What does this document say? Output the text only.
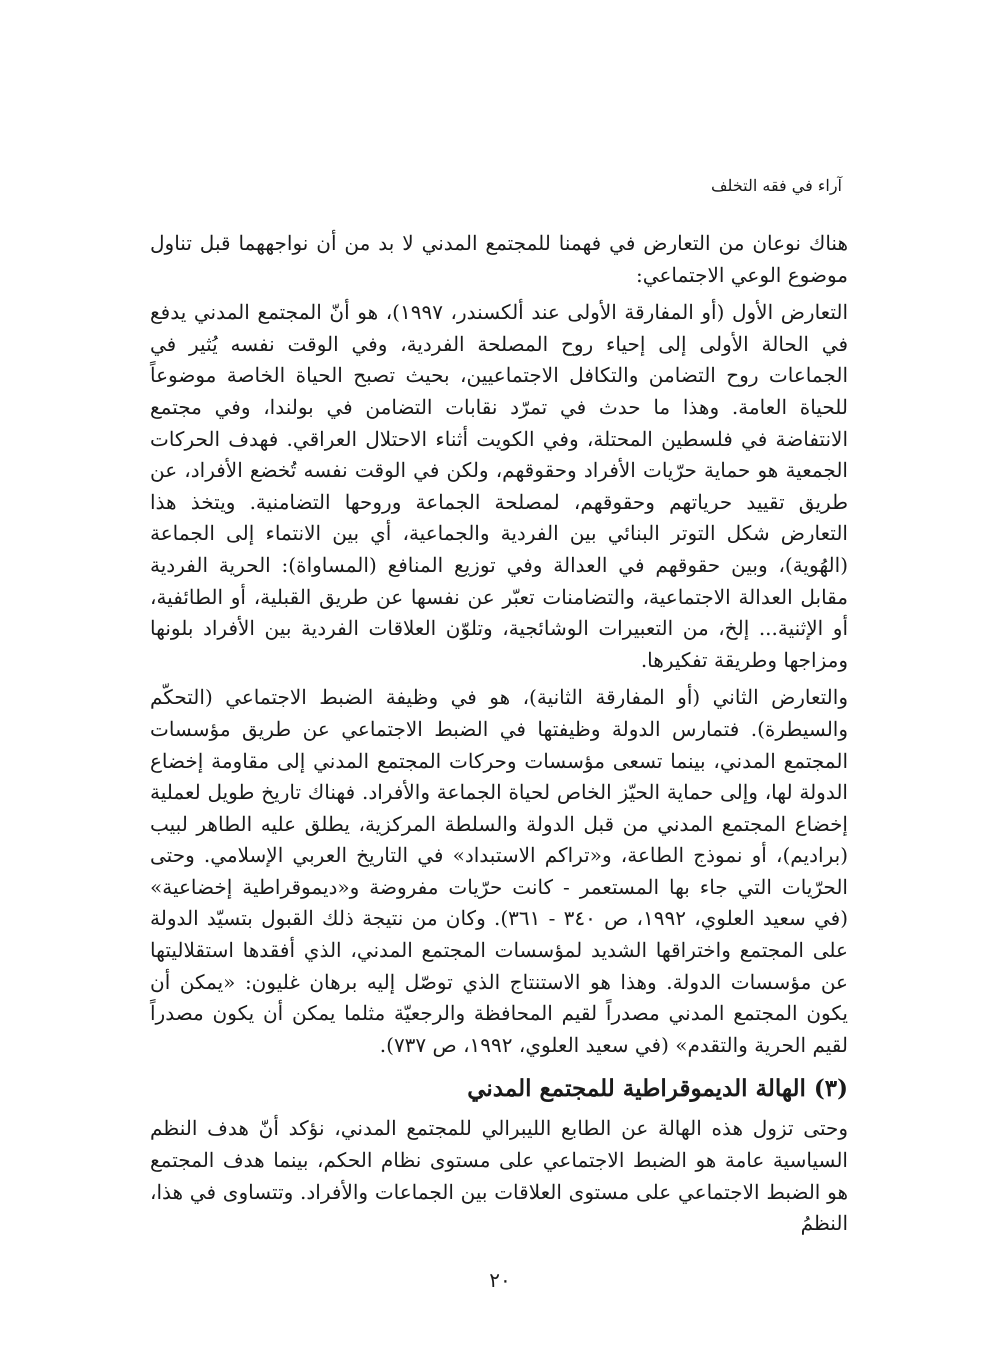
آراء في فقه التخلف

هناك نوعان من التعارض في فهمنا للمجتمع المدني لا بد من أن نواجههما قبل تناول موضوع الوعي الاجتماعي:

التعارض الأول (أو المفارقة الأولى عند ألكسندر، ١٩٩٧)، هو أنّ المجتمع المدني يدفع في الحالة الأولى إلى إحياء روح المصلحة الفردية، وفي الوقت نفسه يُثير في الجماعات روح التضامن والتكافل الاجتماعيين، بحيث تصبح الحياة الخاصة موضوعاً للحياة العامة. وهذا ما حدث في تمرّد نقابات التضامن في بولندا، وفي مجتمع الانتفاضة في فلسطين المحتلة، وفي الكويت أثناء الاحتلال العراقي. فهدف الحركات الجمعية هو حماية حرّيات الأفراد وحقوقهم، ولكن في الوقت نفسه تُخضع الأفراد، عن طريق تقييد حرياتهم وحقوقهم، لمصلحة الجماعة وروحها التضامنية. ويتخذ هذا التعارض شكل التوتر البنائي بين الفردية والجماعية، أي بين الانتماء إلى الجماعة (الهُوية)، وبين حقوقهم في العدالة وفي توزيع المنافع (المساواة): الحرية الفردية مقابل العدالة الاجتماعية، والتضامنات تعبّر عن نفسها عن طريق القبلية، أو الطائفية، أو الإثنية... إلخ، من التعبيرات الوشائجية، وتلوّن العلاقات الفردية بين الأفراد بلونها ومزاجها وطريقة تفكيرها.

والتعارض الثاني (أو المفارقة الثانية)، هو في وظيفة الضبط الاجتماعي (التحكّم والسيطرة). فتمارس الدولة وظيفتها في الضبط الاجتماعي عن طريق مؤسسات المجتمع المدني، بينما تسعى مؤسسات وحركات المجتمع المدني إلى مقاومة إخضاع الدولة لها، وإلى حماية الحيّز الخاص لحياة الجماعة والأفراد. فهناك تاريخ طويل لعملية إخضاع المجتمع المدني من قبل الدولة والسلطة المركزية، يطلق عليه الطاهر لبيب (براديم)، أو نموذج الطاعة، و«تراكم الاستبداد» في التاريخ العربي الإسلامي. وحتى الحرّيات التي جاء بها المستعمر - كانت حرّيات مفروضة و«ديموقراطية إخضاعية» (في سعيد العلوي، ١٩٩٢، ص ٣٤٠ - ٣٦١). وكان من نتيجة ذلك القبول بتسيّد الدولة على المجتمع واختراقها الشديد لمؤسسات المجتمع المدني، الذي أفقدها استقلاليتها عن مؤسسات الدولة. وهذا هو الاستنتاج الذي توصّل إليه برهان غليون: «يمكن أن يكون المجتمع المدني مصدراً لقيم المحافظة والرجعيّة مثلما يمكن أن يكون مصدراً لقيم الحرية والتقدم» (في سعيد العلوي، ١٩٩٢، ص ٧٣٧).

(٣) الهالة الديموقراطية للمجتمع المدني

وحتى تزول هذه الهالة عن الطابع الليبرالي للمجتمع المدني، نؤكد أنّ هدف النظم السياسية عامة هو الضبط الاجتماعي على مستوى نظام الحكم، بينما هدف المجتمع هو الضبط الاجتماعي على مستوى العلاقات بين الجماعات والأفراد. وتتساوى في هذا، النظمُ

٢٠
